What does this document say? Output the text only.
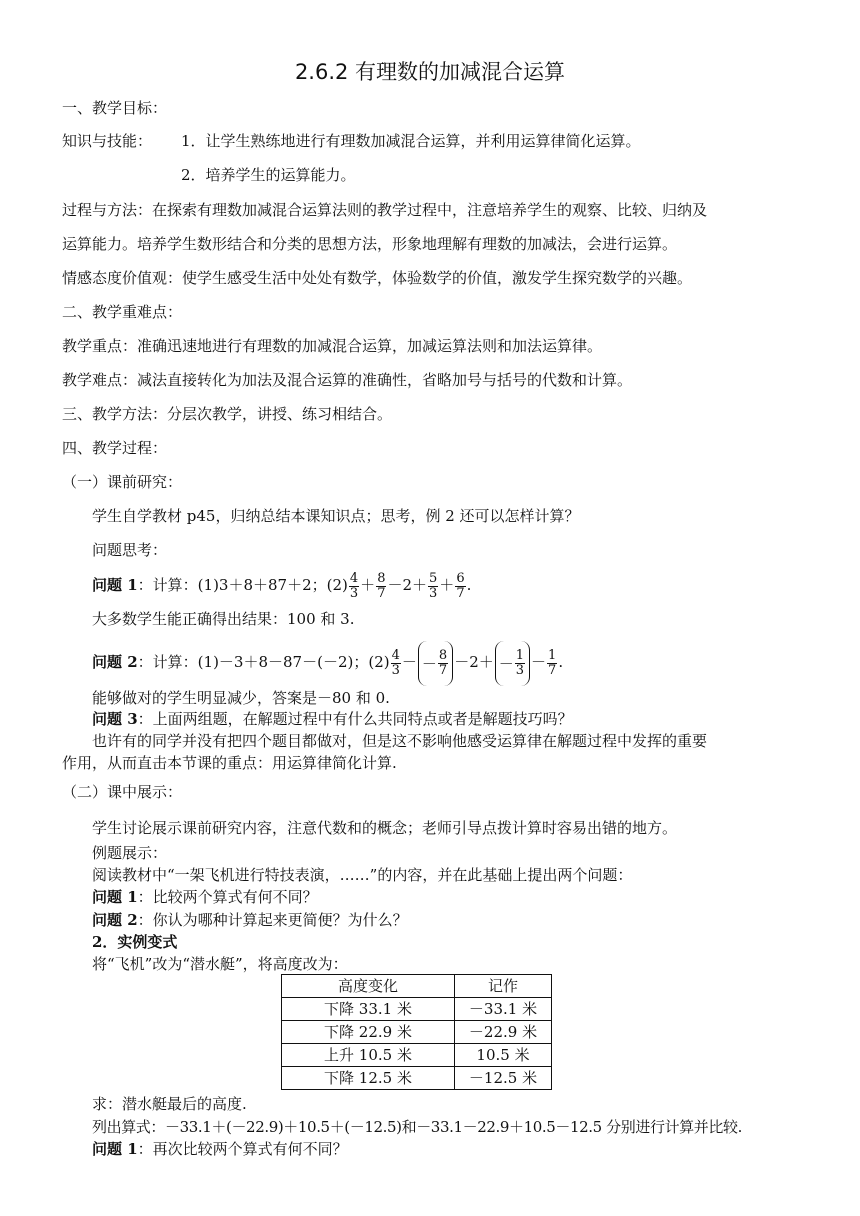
2.6.2 有理数的加减混合运算
一、教学目标：
知识与技能： 1．让学生熟练地进行有理数加减混合运算，并利用运算律简化运算。
2．培养学生的运算能力。
过程与方法：在探索有理数加减混合运算法则的教学过程中，注意培养学生的观察、比较、归纳及
运算能力。培养学生数形结合和分类的思想方法，形象地理解有理数的加减法，会进行运算。
情感态度价值观：使学生感受生活中处处有数学，体验数学的价值，激发学生探究数学的兴趣。
二、教学重难点：
教学重点：准确迅速地进行有理数的加减混合运算，加减运算法则和加法运算律。
教学难点：减法直接转化为加法及混合运算的准确性，省略加号与括号的代数和计算。
三、教学方法：分层次教学，讲授、练习相结合。
四、教学过程：
（一）课前研究：
学生自学教材 p45，归纳总结本课知识点；思考，例 2 还可以怎样计算？
问题思考：
问题 1：计算：(1)3＋8＋87＋2；$(2) \frac{4}{3} + \frac{8}{7} -2+ \frac{5}{3} + \frac{6}{7}$ .
大多数学生能正确得出结果：100 和 3.
问题 2：计算：(1)－3＋8－87－(－2)；$(2) \frac{4}{3}$ － － $\frac{8}{7} -2+ - \frac{1}{3} - \frac{1}{7}$ .
能够做对的学生明显减少，答案是－80 和 0.
问题 3：上面两组题，在解题过程中有什么共同特点或者是解题技巧吗？
也许有的同学并没有把四个题目都做对，但是这不影响他感受运算律在解题过程中发挥的重要
作用，从而直击本节课的重点：用运算律简化计算.
（二）课中展示：
学生讨论展示课前研究内容，注意代数和的概念；老师引导点拨计算时容易出错的地方。
例题展示：
阅读教材中“一架飞机进行特技表演，……”的内容，并在此基础上提出两个问题：
问题 1：比较两个算式有何不同？
问题 2：你认为哪种计算起来更简便？为什么？
2．实例变式
将“飞机”改为“潜水艇”，将高度改为：
高度变化	记作
下降 33.1 米	－33.1 米
下降 22.9 米	－22.9 米
上升 10.5 米	10.5 米
下降 12.5 米	－12.5 米
求：潜水艇最后的高度.
列出算式：－33.1＋(－22.9)＋10.5＋(－12.5)和－33.1－22.9＋10.5－12.5 分别进行计算并比较.
问题 1：再次比较两个算式有何不同？
